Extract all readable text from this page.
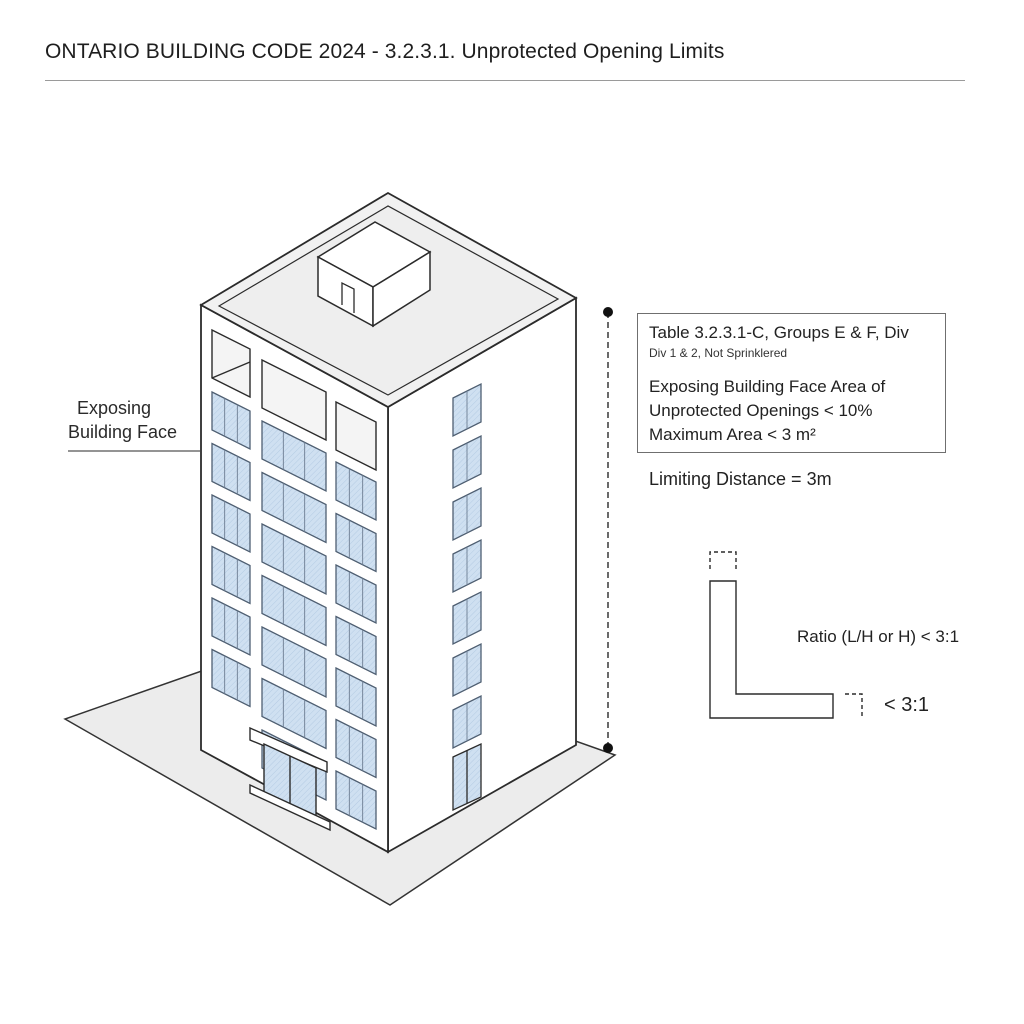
ONTARIO BUILDING CODE 2024 - 3.2.3.1. Unprotected Opening Limits
Exposing
Building Face
Table 3.2.3.1-C, Groups E & F, Div
Div 1 & 2, Not Sprinklered
Exposing Building Face Area of
Unprotected Openings < 10%
Maximum Area < 3 m²
Limiting Distance = 3m
Ratio (L/H or H) < 3:1
< 3:1
